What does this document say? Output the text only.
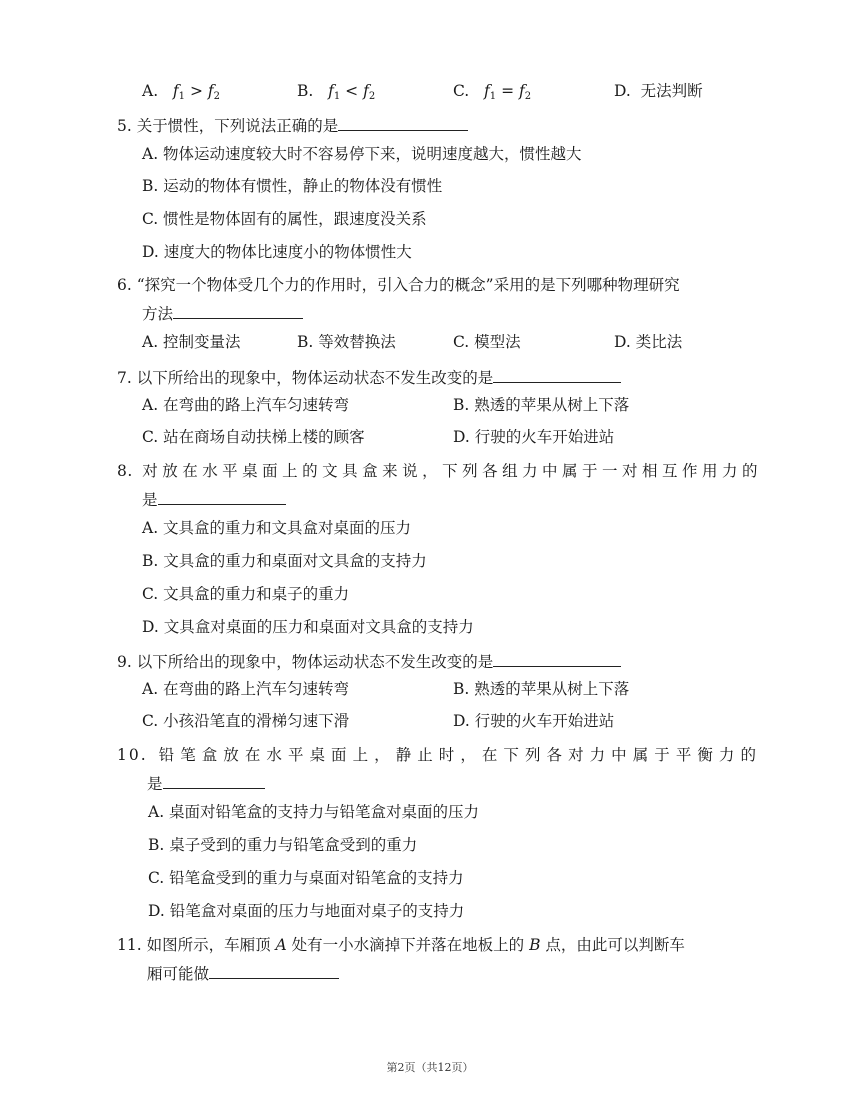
A. $f_1 > f_2$	B. $f_1 < f_2$	C. $f_1 = f_2$	D. 无法判断
5. 关于惯性，下列说法正确的是
A. 物体运动速度较大时不容易停下来，说明速度越大，惯性越大
B. 运动的物体有惯性，静止的物体没有惯性
C. 惯性是物体固有的属性，跟速度没关系
D. 速度大的物体比速度小的物体惯性大
6. “探究一个物体受几个力的作用时，引入合力的概念”采用的是下列哪种物理研究
方法
A. 控制变量法	B. 等效替换法	C. 模型法	D. 类比法
7. 以下所给出的现象中，物体运动状态不发生改变的是
A. 在弯曲的路上汽车匀速转弯	B. 熟透的苹果从树上下落
C. 站在商场自动扶梯上楼的顾客	D. 行驶的火车开始进站
8. 对放在水平桌面上的文具盒来说，下列各组力中属于一对相互作用力的
是
A. 文具盒的重力和文具盒对桌面的压力
B. 文具盒的重力和桌面对文具盒的支持力
C. 文具盒的重力和桌子的重力
D. 文具盒对桌面的压力和桌面对文具盒的支持力
9. 以下所给出的现象中，物体运动状态不发生改变的是
A. 在弯曲的路上汽车匀速转弯	B. 熟透的苹果从树上下落
C. 小孩沿笔直的滑梯匀速下滑	D. 行驶的火车开始进站
10. 铅笔盒放在水平桌面上，静止时，在下列各对力中属于平衡力的
是
A. 桌面对铅笔盒的支持力与铅笔盒对桌面的压力
B. 桌子受到的重力与铅笔盒受到的重力
C. 铅笔盒受到的重力与桌面对铅笔盒的支持力
D. 铅笔盒对桌面的压力与地面对桌子的支持力
11. 如图所示，车厢顶 A 处有一小水滴掉下并落在地板上的 B 点，由此可以判断车
厢可能做
第2页（共12页）
